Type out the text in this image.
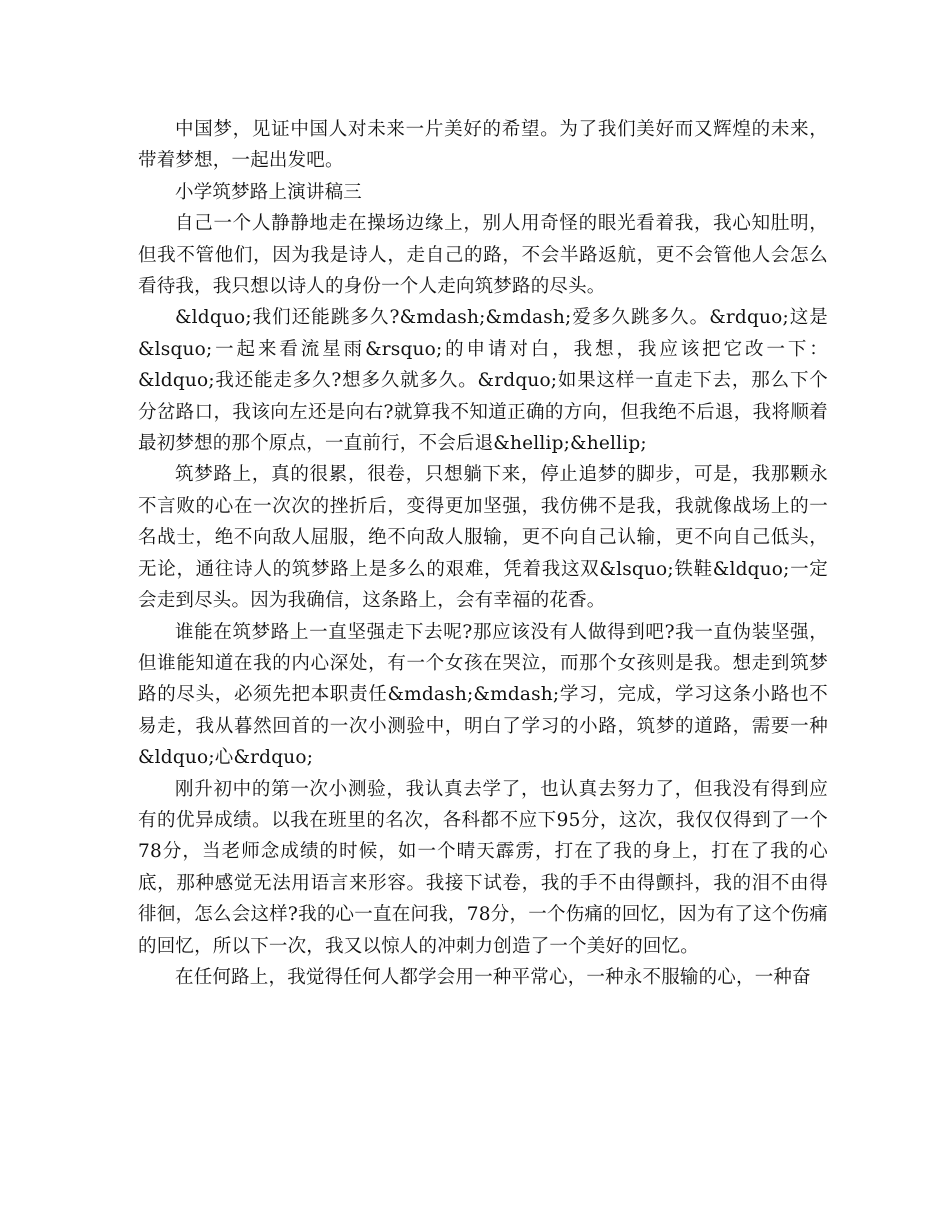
中国梦，见证中国人对未来一片美好的希望。为了我们美好而又辉煌的未来，带着梦想，一起出发吧。

小学筑梦路上演讲稿三

自己一个人静静地走在操场边缘上，别人用奇怪的眼光看着我，我心知肚明，但我不管他们，因为我是诗人，走自己的路，不会半路返航，更不会管他人会怎么看待我，我只想以诗人的身份一个人走向筑梦路的尽头。

&ldquo;我们还能跳多久?&mdash;&mdash;爱多久跳多久。&rdquo;这是&lsquo;一起来看流星雨&rsquo;的申请对白，我想，我应该把它改一下：&ldquo;我还能走多久?想多久就多久。&rdquo;如果这样一直走下去，那么下个分岔路口，我该向左还是向右?就算我不知道正确的方向，但我绝不后退，我将顺着最初梦想的那个原点，一直前行，不会后退&hellip;&hellip;

筑梦路上，真的很累，很卷，只想躺下来，停止追梦的脚步，可是，我那颗永不言败的心在一次次的挫折后，变得更加坚强，我仿佛不是我，我就像战场上的一名战士，绝不向敌人屈服，绝不向敌人服输，更不向自己认输，更不向自己低头，无论，通往诗人的筑梦路上是多么的艰难，凭着我这双&lsquo;铁鞋&ldquo;一定会走到尽头。因为我确信，这条路上，会有幸福的花香。

谁能在筑梦路上一直坚强走下去呢?那应该没有人做得到吧?我一直伪装坚强，但谁能知道在我的内心深处，有一个女孩在哭泣，而那个女孩则是我。想走到筑梦路的尽头，必须先把本职责任&mdash;&mdash;学习，完成，学习这条小路也不易走，我从暮然回首的一次小测验中，明白了学习的小路，筑梦的道路，需要一种&ldquo;心&rdquo;

刚升初中的第一次小测验，我认真去学了，也认真去努力了，但我没有得到应有的优异成绩。以我在班里的名次，各科都不应下95分，这次，我仅仅得到了一个78分，当老师念成绩的时候，如一个晴天霹雳，打在了我的身上，打在了我的心底，那种感觉无法用语言来形容。我接下试卷，我的手不由得颤抖，我的泪不由得徘徊，怎么会这样?我的心一直在问我，78分，一个伤痛的回忆，因为有了这个伤痛的回忆，所以下一次，我又以惊人的冲刺力创造了一个美好的回忆。

在任何路上，我觉得任何人都学会用一种平常心，一种永不服输的心，一种奋
